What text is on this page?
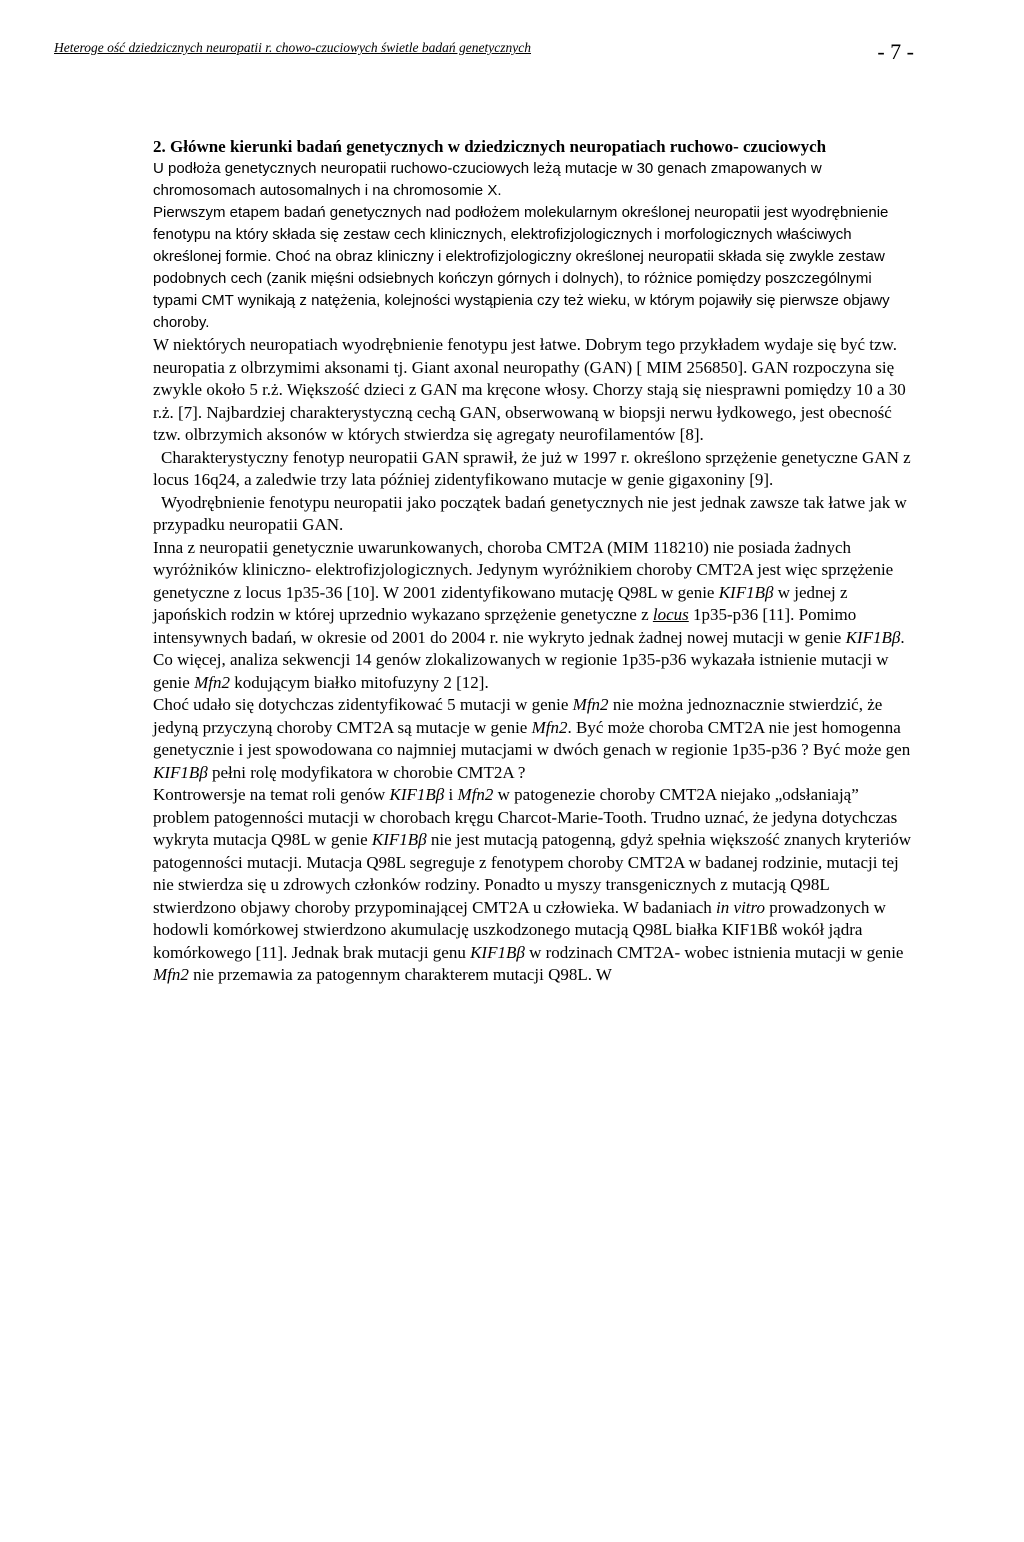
Heteroge ość dziedzicznych neuropatii r. chowo-czuciowych świetle badań genetycznych	- 7 -
2. Główne kierunki badań genetycznych w dziedzicznych neuropatiach ruchowo- czuciowych

U podłoża genetycznych neuropatii ruchowo-czuciowych leżą mutacje w 30 genach zmapowanych w chromosomach autosomalnych i na chromosomie X.

Pierwszym etapem badań genetycznych nad podłożem molekularnym określonej neuropatii jest wyodrębnienie fenotypu na który składa się zestaw cech klinicznych, elektrofizjologicznych i morfologicznych właściwych określonej formie. Choć na obraz kliniczny i elektrofizjologiczny określonej neuropatii składa się zwykle zestaw podobnych cech (zanik mięśni odsiebnych kończyn górnych i dolnych), to różnice pomiędzy poszczególnymi typami CMT wynikają z natężenia, kolejności wystąpienia czy też wieku, w którym pojawiły się pierwsze objawy choroby.

W niektórych neuropatiach wyodrębnienie fenotypu jest łatwe. Dobrym tego przykładem wydaje się być tzw. neuropatia z olbrzymimi aksonami tj. Giant axonal neuropathy (GAN) [ MIM 256850]. GAN rozpoczyna się zwykle około 5 r.ż. Większość dzieci z GAN ma kręcone włosy. Chorzy stają się niesprawni pomiędzy 10 a 30 r.ż. [7]. Najbardziej charakterystyczną cechą GAN, obserwowaną w biopsji nerwu łydkowego, jest obecność tzw. olbrzymich aksonów w których stwierdza się agregaty neurofilamentów [8].

Charakterystyczny fenotyp neuropatii GAN sprawił, że już w 1997 r. określono sprzężenie genetyczne GAN z locus 16q24, a zaledwie trzy lata później zidentyfikowano mutacje w genie gigaxoniny [9].

Wyodrębnienie fenotypu neuropatii jako początek badań genetycznych nie jest jednak zawsze tak łatwe jak w przypadku neuropatii GAN.

Inna z neuropatii genetycznie uwarunkowanych, choroba CMT2A (MIM 118210) nie posiada żadnych wyróżników kliniczno- elektrofizjologicznych. Jedynym wyróżnikiem choroby CMT2A jest więc sprzężenie genetyczne z locus 1p35-36 [10]. W 2001 zidentyfikowano mutację Q98L w genie KIF1Bβ w jednej z japońskich rodzin w której uprzednio wykazano sprzężenie genetyczne z locus 1p35-p36 [11]. Pomimo intensywnych badań, w okresie od 2001 do 2004 r. nie wykryto jednak żadnej nowej mutacji w genie KIF1Bβ. Co więcej, analiza sekwencji 14 genów zlokalizowanych w regionie 1p35-p36 wykazała istnienie mutacji w genie Mfn2 kodującym białko mitofuzyny 2 [12].

Choć udało się dotychczas zidentyfikować 5 mutacji w genie Mfn2 nie można jednoznacznie stwierdzić, że jedyną przyczyną choroby CMT2A są mutacje w genie Mfn2. Być może choroba CMT2A nie jest homogenna genetycznie i jest spowodowana co najmniej mutacjami w dwóch genach w regionie 1p35-p36 ? Być może gen KIF1Bβ pełni rolę modyfikatora w chorobie CMT2A ?

Kontrowersje na temat roli genów KIF1Bβ i Mfn2 w patogenezie choroby CMT2A niejako „odsłaniają” problem patogenności mutacji w chorobach kręgu Charcot-Marie-Tooth. Trudno uznać, że jedyna dotychczas wykryta mutacja Q98L w genie KIF1Bβ nie jest mutacją patogenną, gdyż spełnia większość znanych kryteriów patogenności mutacji. Mutacja Q98L segreguje z fenotypem choroby CMT2A w badanej rodzinie, mutacji tej nie stwierdza się u zdrowych członków rodziny. Ponadto u myszy transgenicznych z mutacją Q98L stwierdzono objawy choroby przypominającej CMT2A u człowieka. W badaniach in vitro prowadzonych w hodowli komórkowej stwierdzono akumulację uszkodzonego mutacją Q98L białka KIF1Bß wokół jądra komórkowego [11]. Jednak brak mutacji genu KIF1Bβ w rodzinach CMT2A- wobec istnienia mutacji w genie Mfn2 nie przemawia za patogennym charakterem mutacji Q98L. W
